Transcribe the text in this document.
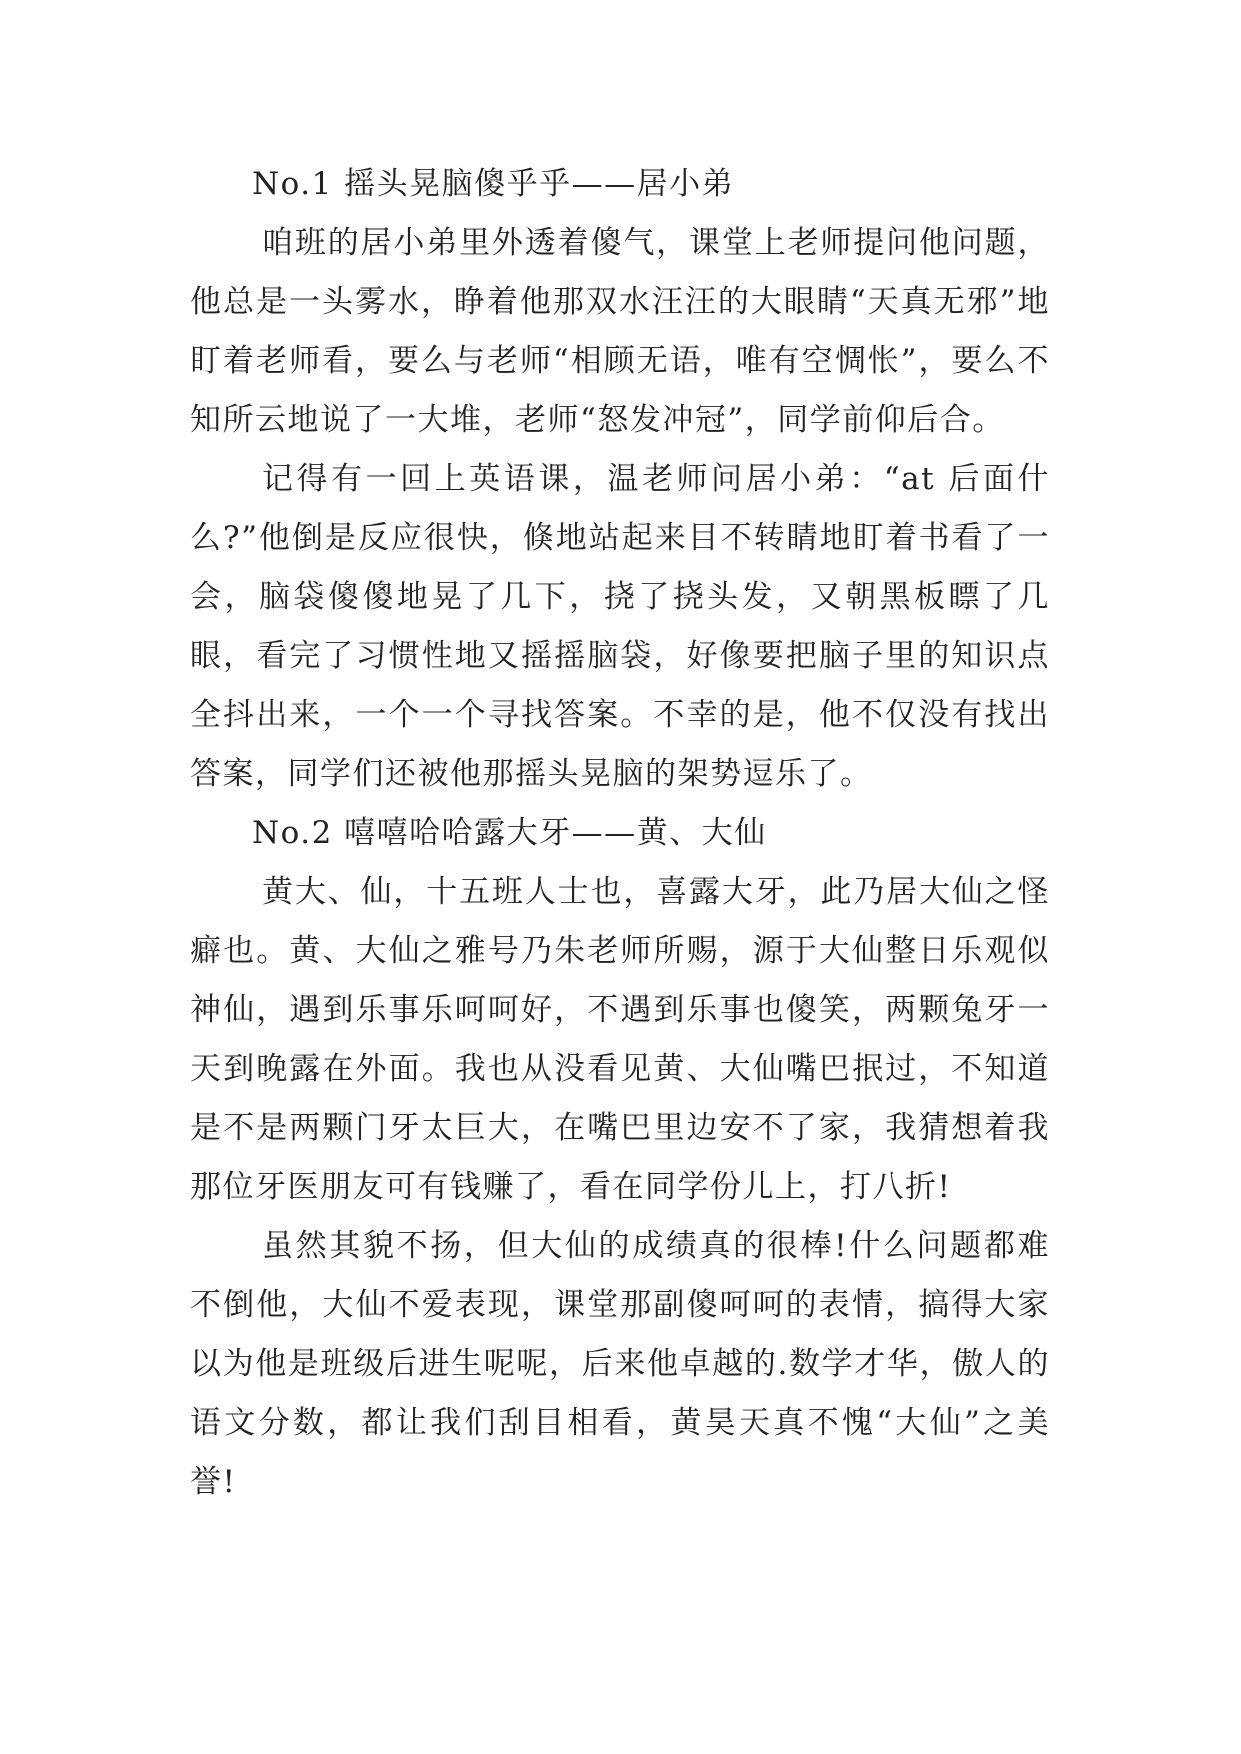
No.1 摇头晃脑傻乎乎——居小弟

咱班的居小弟里外透着傻气，课堂上老师提问他问题，他总是一头雾水，睁着他那双水汪汪的大眼睛“天真无邪”地盯着老师看，要么与老师“相顾无语，唯有空惆怅”，要么不知所云地说了一大堆，老师“怒发冲冠”，同学前仰后合。

记得有一回上英语课，温老师问居小弟：“at 后面什么?”他倒是反应很快，倏地站起来目不转睛地盯着书看了一会，脑袋傻傻地晃了几下，挠了挠头发，又朝黑板瞟了几眼，看完了习惯性地又摇摇脑袋，好像要把脑子里的知识点全抖出来，一个一个寻找答案。不幸的是，他不仅没有找出答案，同学们还被他那摇头晃脑的架势逗乐了。

No.2 嘻嘻哈哈露大牙——黄、大仙

黄大、仙，十五班人士也，喜露大牙，此乃居大仙之怪癖也。黄、大仙之雅号乃朱老师所赐，源于大仙整日乐观似神仙，遇到乐事乐呵呵好，不遇到乐事也傻笑，两颗兔牙一天到晚露在外面。我也从没看见黄、大仙嘴巴抿过，不知道是不是两颗门牙太巨大，在嘴巴里边安不了家，我猜想着我那位牙医朋友可有钱赚了，看在同学份儿上，打八折!

虽然其貌不扬，但大仙的成绩真的很棒!什么问题都难不倒他，大仙不爱表现，课堂那副傻呵呵的表情，搞得大家以为他是班级后进生呢呢，后来他卓越的.数学才华，傲人的语文分数，都让我们刮目相看，黄昊天真不愧“大仙”之美誉!
